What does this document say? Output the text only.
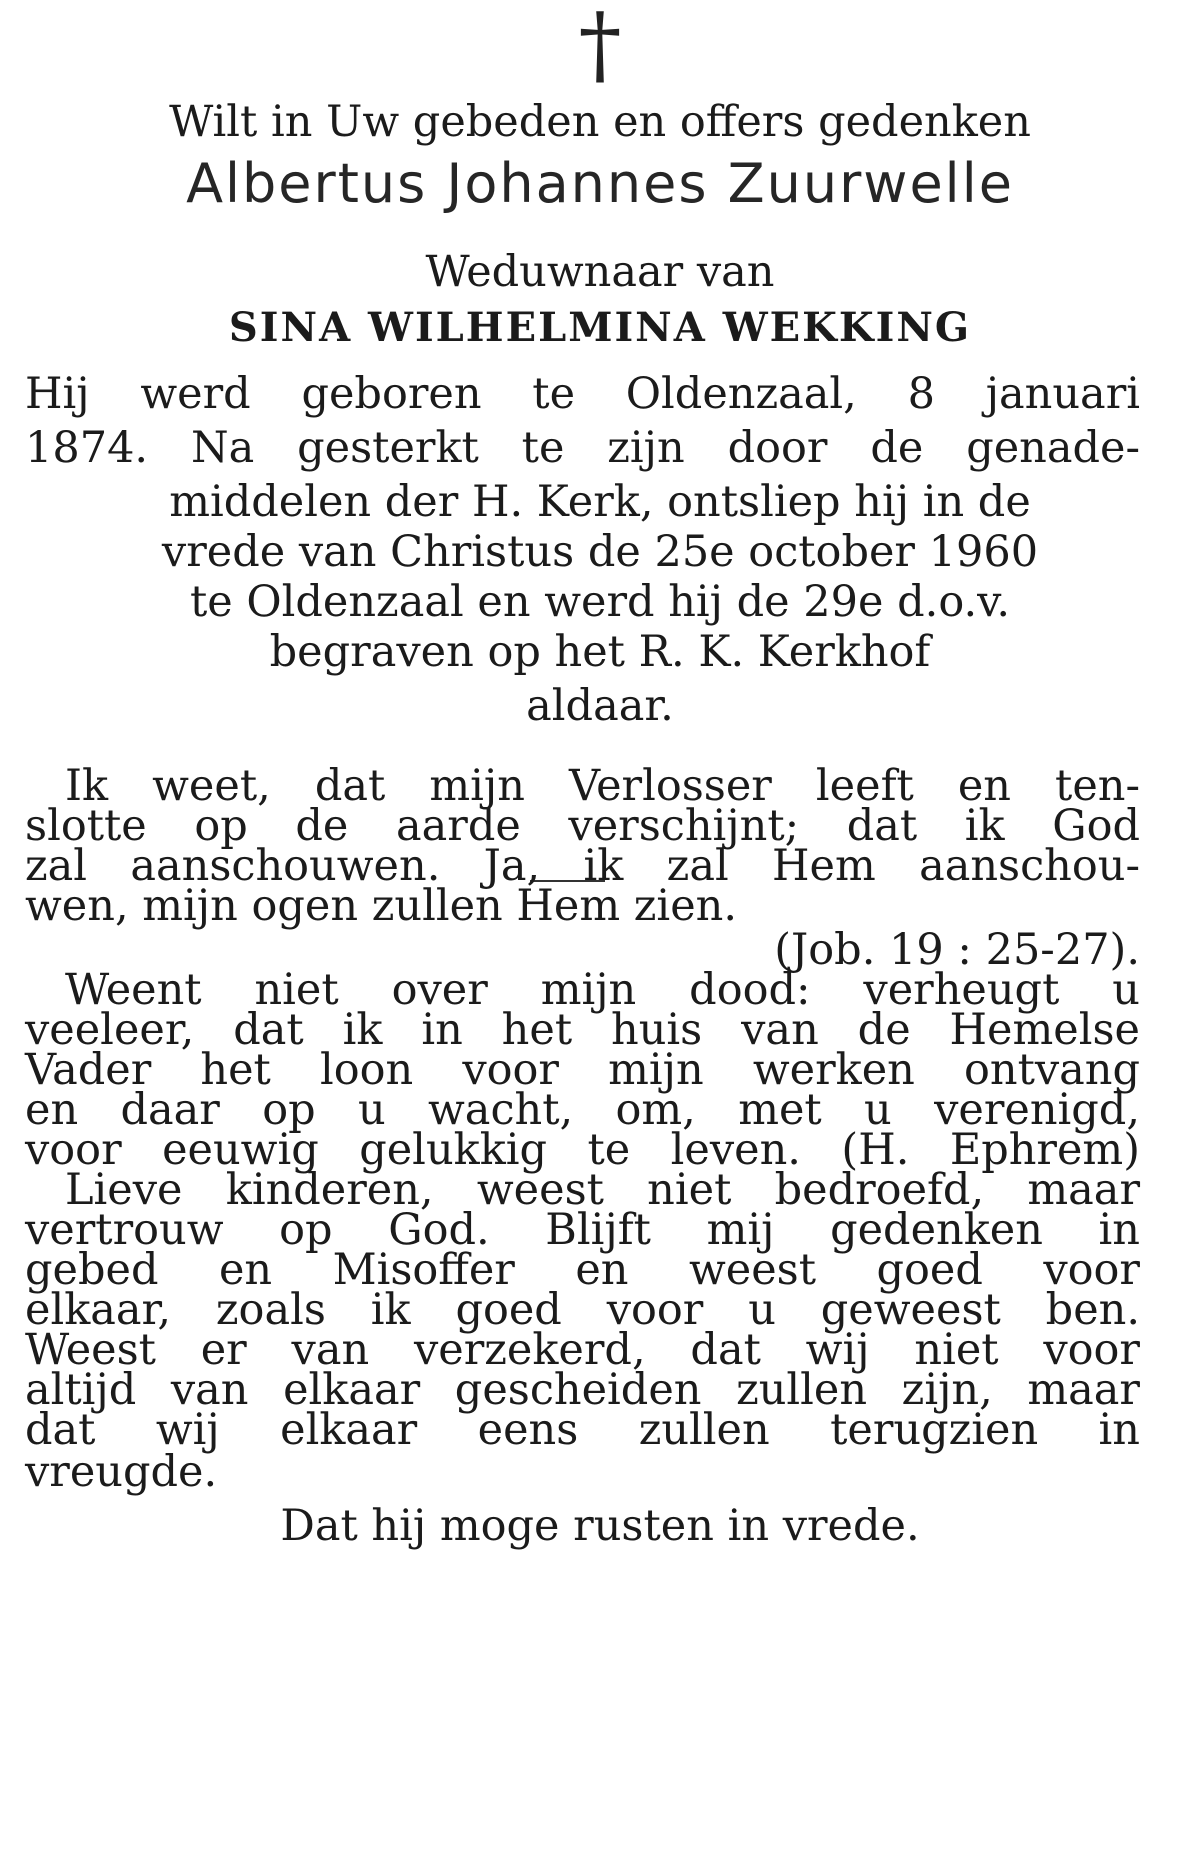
†
Wilt in Uw gebeden en offers gedenken
Albertus Johannes Zuurwelle
Weduwnaar van
SINA WILHELMINA WEKKING
Hij werd geboren te Oldenzaal, 8 januari
1874. Na gesterkt te zijn door de genade-
middelen der H. Kerk, ontsliep hij in de
vrede van Christus de 25e october 1960
te Oldenzaal en werd hij de 29e d.o.v.
begraven op het R. K. Kerkhof
aldaar.
Ik weet, dat mijn Verlosser leeft en ten-
slotte op de aarde verschijnt; dat ik God
zal aanschouwen. Ja, ik zal Hem aanschou-
wen, mijn ogen zullen Hem zien.
(Job. 19 : 25-27).
Weent niet over mijn dood: verheugt u
veeleer, dat ik in het huis van de Hemelse
Vader het loon voor mijn werken ontvang
en daar op u wacht, om, met u verenigd,
voor eeuwig gelukkig te leven. (H. Ephrem)
Lieve kinderen, weest niet bedroefd, maar
vertrouw op God. Blijft mij gedenken in
gebed en Misoffer en weest goed voor
elkaar, zoals ik goed voor u geweest ben.
Weest er van verzekerd, dat wij niet voor
altijd van elkaar gescheiden zullen zijn, maar
dat wij elkaar eens zullen terugzien in
vreugde.
Dat hij moge rusten in vrede.
